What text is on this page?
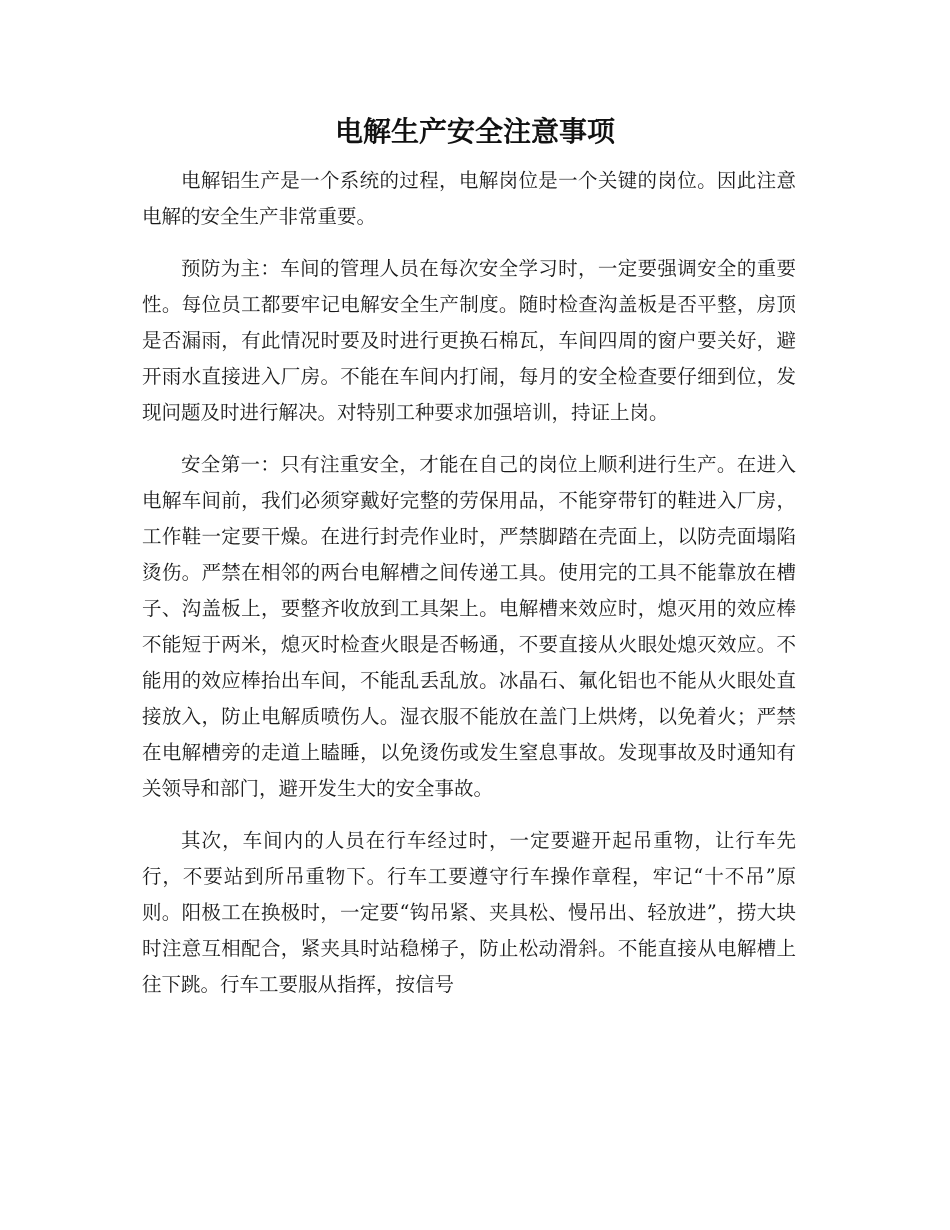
电解生产安全注意事项

电解铝生产是一个系统的过程，电解岗位是一个关键的岗位。因此注意电解的安全生产非常重要。

预防为主：车间的管理人员在每次安全学习时，一定要强调安全的重要性。每位员工都要牢记电解安全生产制度。随时检查沟盖板是否平整，房顶是否漏雨，有此情况时要及时进行更换石棉瓦，车间四周的窗户要关好，避开雨水直接进入厂房。不能在车间内打闹，每月的安全检查要仔细到位，发现问题及时进行解决。对特别工种要求加强培训，持证上岗。

安全第一：只有注重安全，才能在自己的岗位上顺利进行生产。在进入电解车间前，我们必须穿戴好完整的劳保用品，不能穿带钉的鞋进入厂房，工作鞋一定要干燥。在进行封壳作业时，严禁脚踏在壳面上，以防壳面塌陷烫伤。严禁在相邻的两台电解槽之间传递工具。使用完的工具不能靠放在槽子、沟盖板上，要整齐收放到工具架上。电解槽来效应时，熄灭用的效应棒不能短于两米，熄灭时检查火眼是否畅通，不要直接从火眼处熄灭效应。不能用的效应棒抬出车间，不能乱丢乱放。冰晶石、氟化铝也不能从火眼处直接放入，防止电解质喷伤人。湿衣服不能放在盖门上烘烤，以免着火；严禁在电解槽旁的走道上瞌睡，以免烫伤或发生窒息事故。发现事故及时通知有关领导和部门，避开发生大的安全事故。

其次，车间内的人员在行车经过时，一定要避开起吊重物，让行车先行，不要站到所吊重物下。行车工要遵守行车操作章程，牢记“十不吊”原则。阳极工在换极时，一定要“钩吊紧、夹具松、慢吊出、轻放进”，捞大块时注意互相配合，紧夹具时站稳梯子，防止松动滑斜。不能直接从电解槽上往下跳。行车工要服从指挥，按信号
